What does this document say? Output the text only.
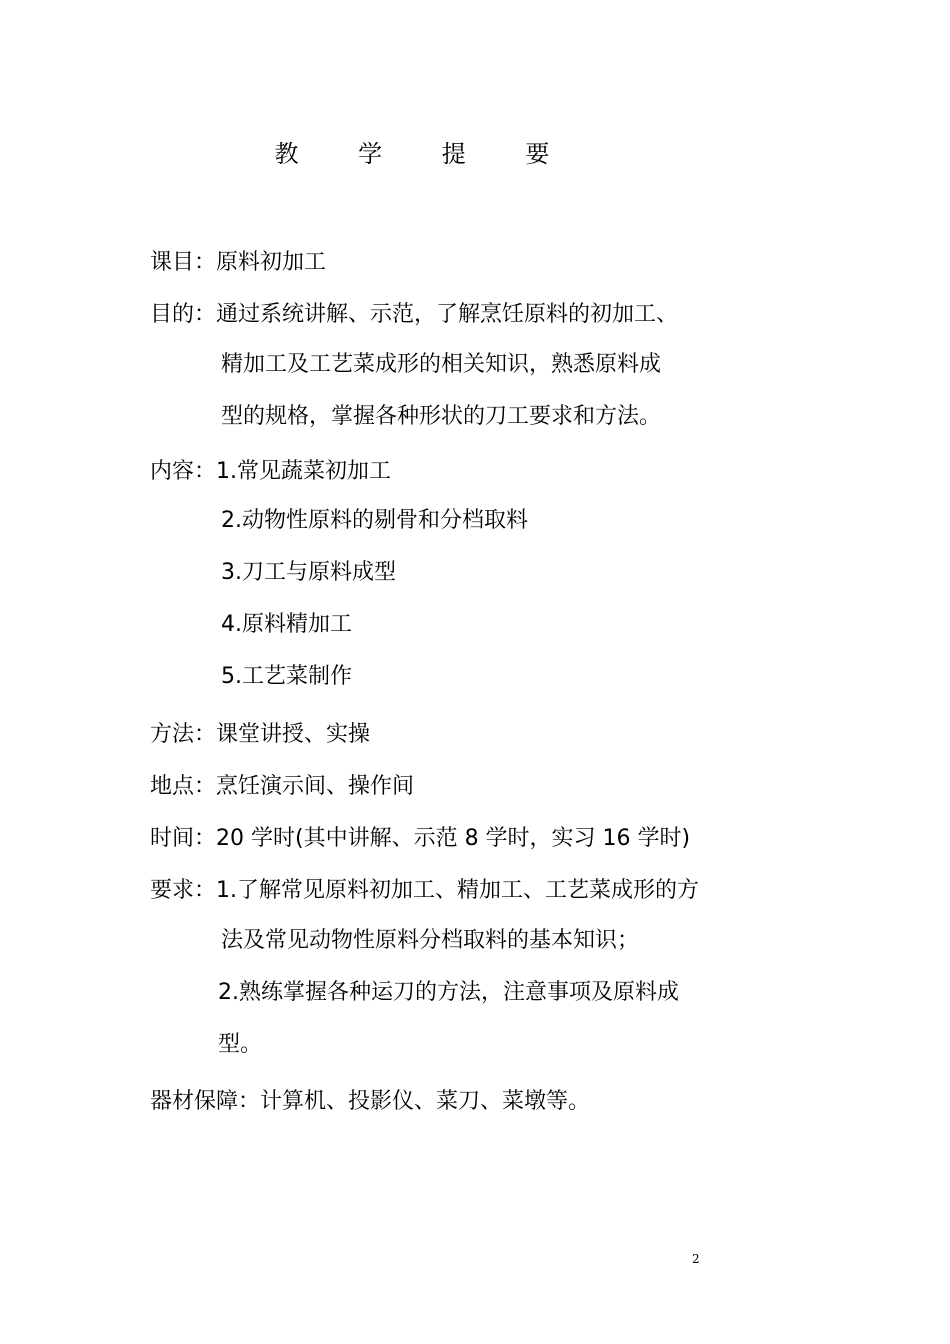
教 学 提 要
课目：原料初加工
目的：通过系统讲解、示范，了解烹饪原料的初加工、
精加工及工艺菜成形的相关知识，熟悉原料成
型的规格，掌握各种形状的刀工要求和方法。
内容：1.常见蔬菜初加工
2.动物性原料的剔骨和分档取料
3.刀工与原料成型
4.原料精加工
5.工艺菜制作
方法：课堂讲授、实操
地点：烹饪演示间、操作间
时间：20 学时(其中讲解、示范 8 学时，实习 16 学时)
要求：1.了解常见原料初加工、精加工、工艺菜成形的方
法及常见动物性原料分档取料的基本知识；
2.熟练掌握各种运刀的方法，注意事项及原料成
型。
器材保障：计算机、投影仪、菜刀、菜墩等。
2
